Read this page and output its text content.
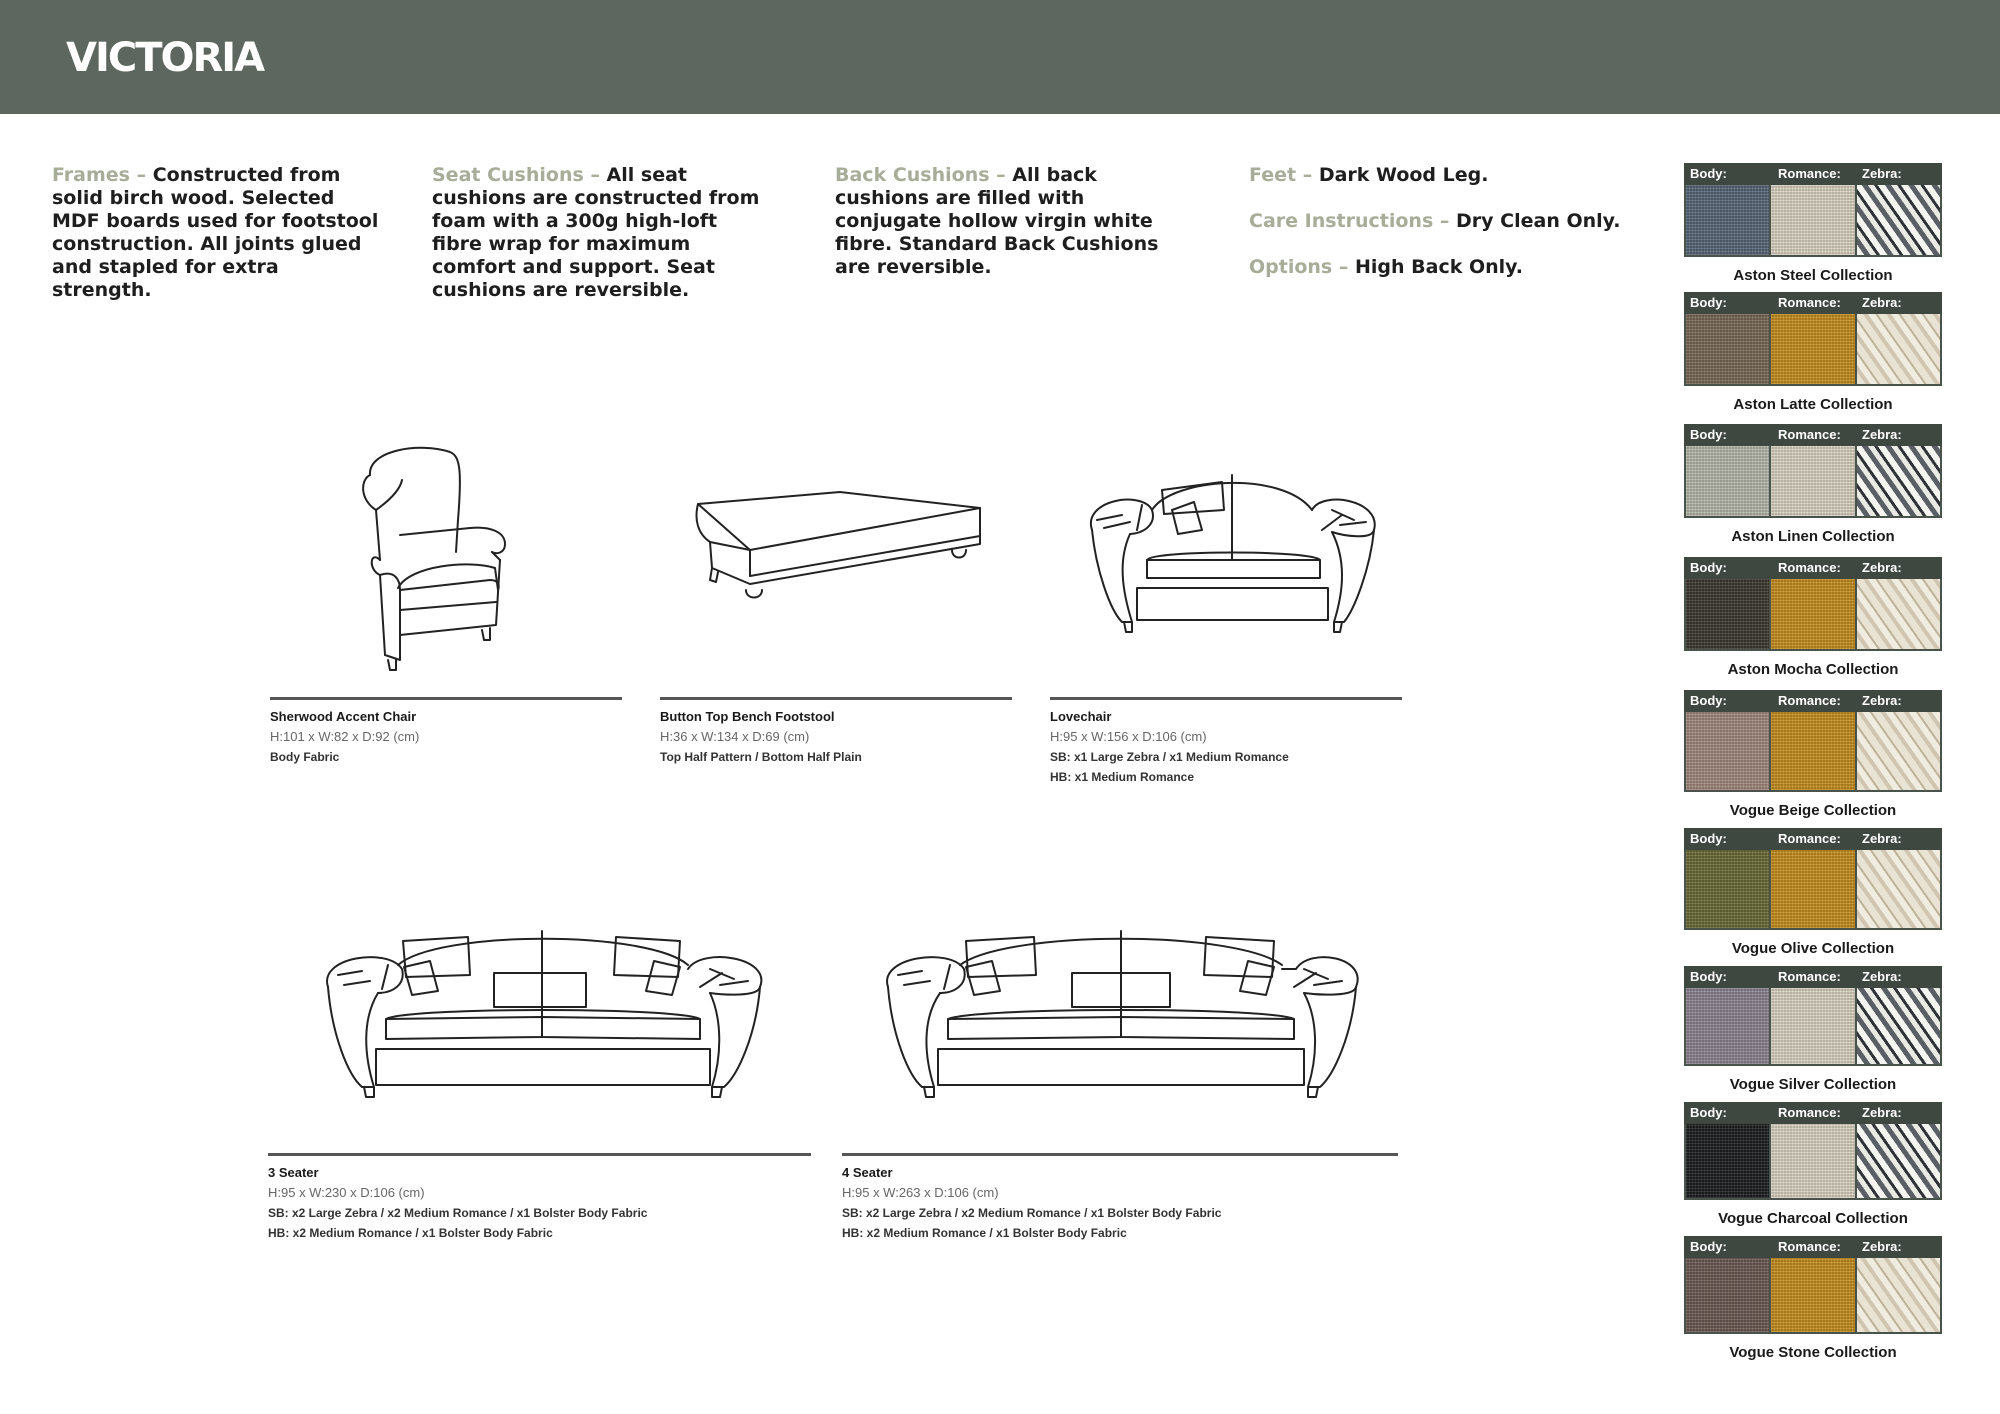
VICTORIA
Frames – Constructed from solid birch wood. Selected MDF boards used for footstool construction. All joints glued and stapled for extra strength.
Seat Cushions – All seat cushions are constructed from foam with a 300g high-loft fibre wrap for maximum comfort and support. Seat cushions are reversible.
Back Cushions – All back cushions are filled with conjugate hollow virgin white fibre. Standard Back Cushions are reversible.
Feet – Dark Wood Leg.
Care Instructions – Dry Clean Only.
Options – High Back Only.
Sherwood Accent Chair
H:101 x W:82 x D:92 (cm)
Body Fabric
Button Top Bench Footstool
H:36 x W:134 x D:69 (cm)
Top Half Pattern / Bottom Half Plain
Lovechair
H:95 x W:156 x D:106 (cm)
SB: x1 Large Zebra / x1 Medium Romance
HB: x1 Medium Romance
3 Seater
H:95 x W:230 x D:106 (cm)
SB: x2 Large Zebra / x2 Medium Romance / x1 Bolster Body Fabric
HB: x2 Medium Romance / x1 Bolster Body Fabric
4 Seater
H:95 x W:263 x D:106 (cm)
SB: x2 Large Zebra / x2 Medium Romance / x1 Bolster Body Fabric
HB: x2 Medium Romance / x1 Bolster Body Fabric
Body:	Romance: Zebra:
Aston Steel Collection
Body:	Romance: Zebra:
Aston Latte Collection
Body:	Romance: Zebra:
Aston Linen Collection
Body:	Romance: Zebra:
Aston Mocha Collection
Body:	Romance: Zebra:
Vogue Beige Collection
Body:	Romance: Zebra:
Vogue Olive Collection
Body:	Romance: Zebra:
Vogue Silver Collection
Body:	Romance: Zebra:
Vogue Charcoal Collection
Body:	Romance: Zebra:
Vogue Stone Collection
